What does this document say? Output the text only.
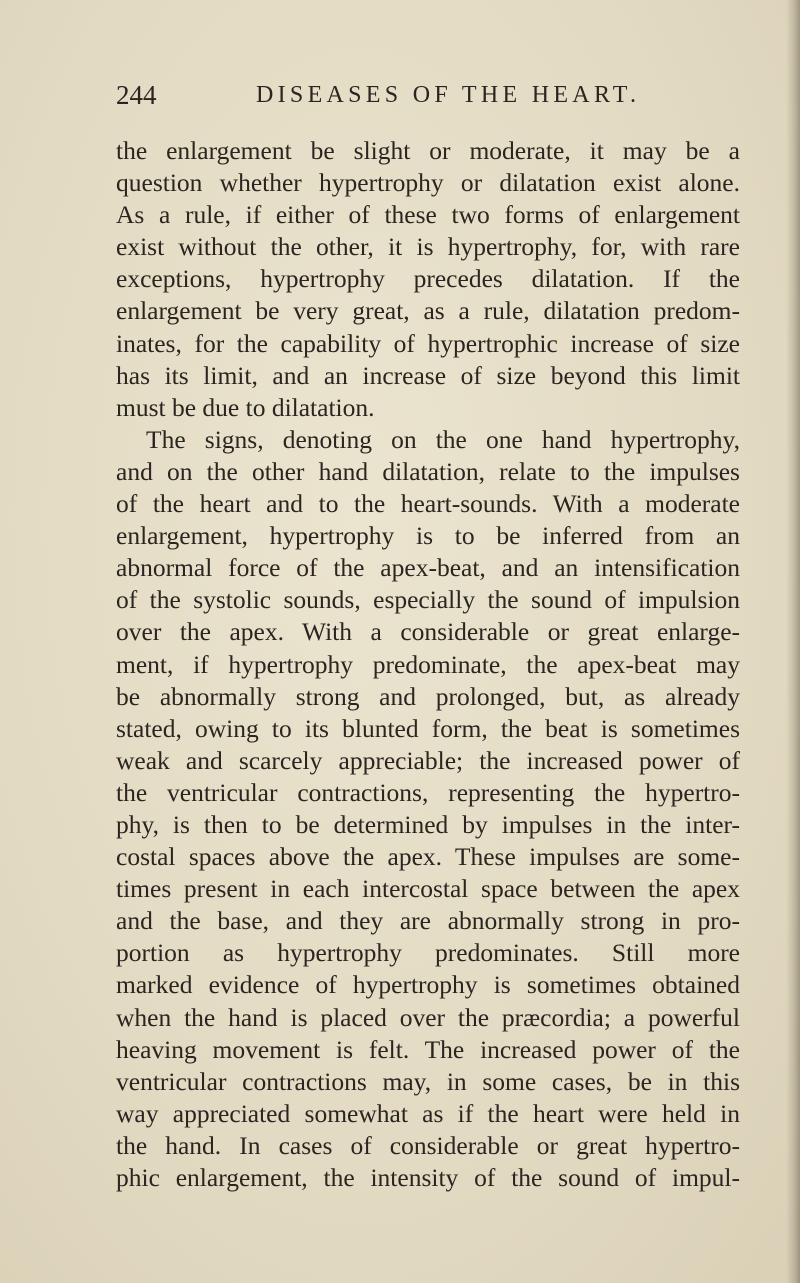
244	DISEASES OF THE HEART.
the enlargement be slight or moderate, it may be a
question whether hypertrophy or dilatation exist alone.
As a rule, if either of these two forms of enlargement
exist without the other, it is hypertrophy, for, with rare
exceptions, hypertrophy precedes dilatation. If the
enlargement be very great, as a rule, dilatation predom-
inates, for the capability of hypertrophic increase of size
has its limit, and an increase of size beyond this limit
must be due to dilatation.
The signs, denoting on the one hand hypertrophy,
and on the other hand dilatation, relate to the impulses
of the heart and to the heart-sounds. With a moderate
enlargement, hypertrophy is to be inferred from an
abnormal force of the apex-beat, and an intensification
of the systolic sounds, especially the sound of impulsion
over the apex. With a considerable or great enlarge-
ment, if hypertrophy predominate, the apex-beat may
be abnormally strong and prolonged, but, as already
stated, owing to its blunted form, the beat is sometimes
weak and scarcely appreciable; the increased power of
the ventricular contractions, representing the hypertro-
phy, is then to be determined by impulses in the inter-
costal spaces above the apex. These impulses are some-
times present in each intercostal space between the apex
and the base, and they are abnormally strong in pro-
portion as hypertrophy predominates. Still more
marked evidence of hypertrophy is sometimes obtained
when the hand is placed over the præcordia; a powerful
heaving movement is felt. The increased power of the
ventricular contractions may, in some cases, be in this
way appreciated somewhat as if the heart were held in
the hand. In cases of considerable or great hypertro-
phic enlargement, the intensity of the sound of impul-
